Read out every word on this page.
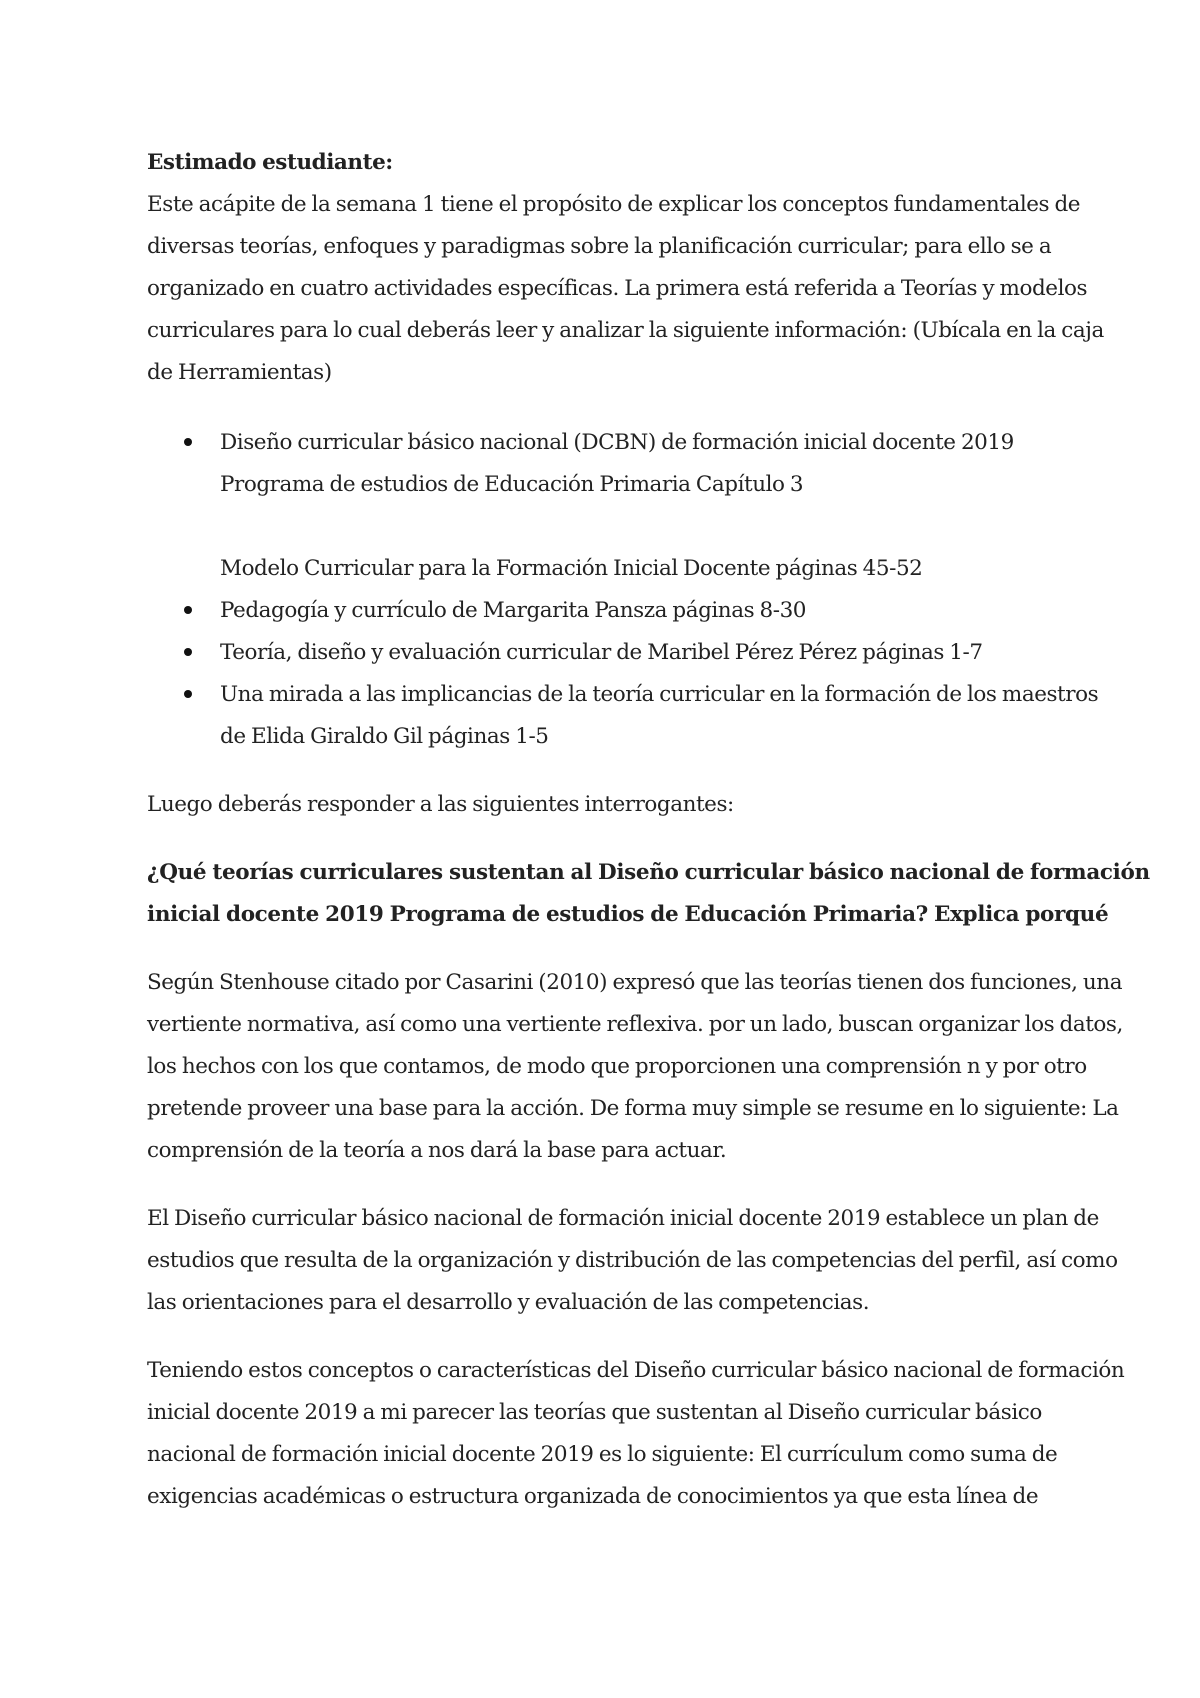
Estimado estudiante:
Este acápite de la semana 1 tiene el propósito de explicar los conceptos fundamentales de
diversas teorías, enfoques y paradigmas sobre la planificación curricular; para ello se a
organizado en cuatro actividades específicas. La primera está referida a Teorías y modelos
curriculares para lo cual deberás leer y analizar la siguiente información: (Ubícala en la caja
de Herramientas)
Diseño curricular básico nacional (DCBN) de formación inicial docente 2019
Programa de estudios de Educación Primaria Capítulo 3
Modelo Curricular para la Formación Inicial Docente páginas 45-52
Pedagogía y currículo de Margarita Pansza páginas 8-30
Teoría, diseño y evaluación curricular de Maribel Pérez Pérez páginas 1-7
Una mirada a las implicancias de la teoría curricular en la formación de los maestros
de Elida Giraldo Gil páginas 1-5
Luego deberás responder a las siguientes interrogantes:
¿Qué teorías curriculares sustentan al Diseño curricular básico nacional de formación
inicial docente 2019 Programa de estudios de Educación Primaria? Explica porqué
Según Stenhouse citado por Casarini (2010) expresó que las teorías tienen dos funciones, una
vertiente normativa, así como una vertiente reflexiva. por un lado, buscan organizar los datos,
los hechos con los que contamos, de modo que proporcionen una comprensión n y por otro
pretende proveer una base para la acción. De forma muy simple se resume en lo siguiente: La
comprensión de la teoría a nos dará la base para actuar.
El Diseño curricular básico nacional de formación inicial docente 2019 establece un plan de
estudios que resulta de la organización y distribución de las competencias del perfil, así como
las orientaciones para el desarrollo y evaluación de las competencias.
Teniendo estos conceptos o características del Diseño curricular básico nacional de formación
inicial docente 2019 a mi parecer las teorías que sustentan al Diseño curricular básico
nacional de formación inicial docente 2019 es lo siguiente: El currículum como suma de
exigencias académicas o estructura organizada de conocimientos ya que esta línea de
